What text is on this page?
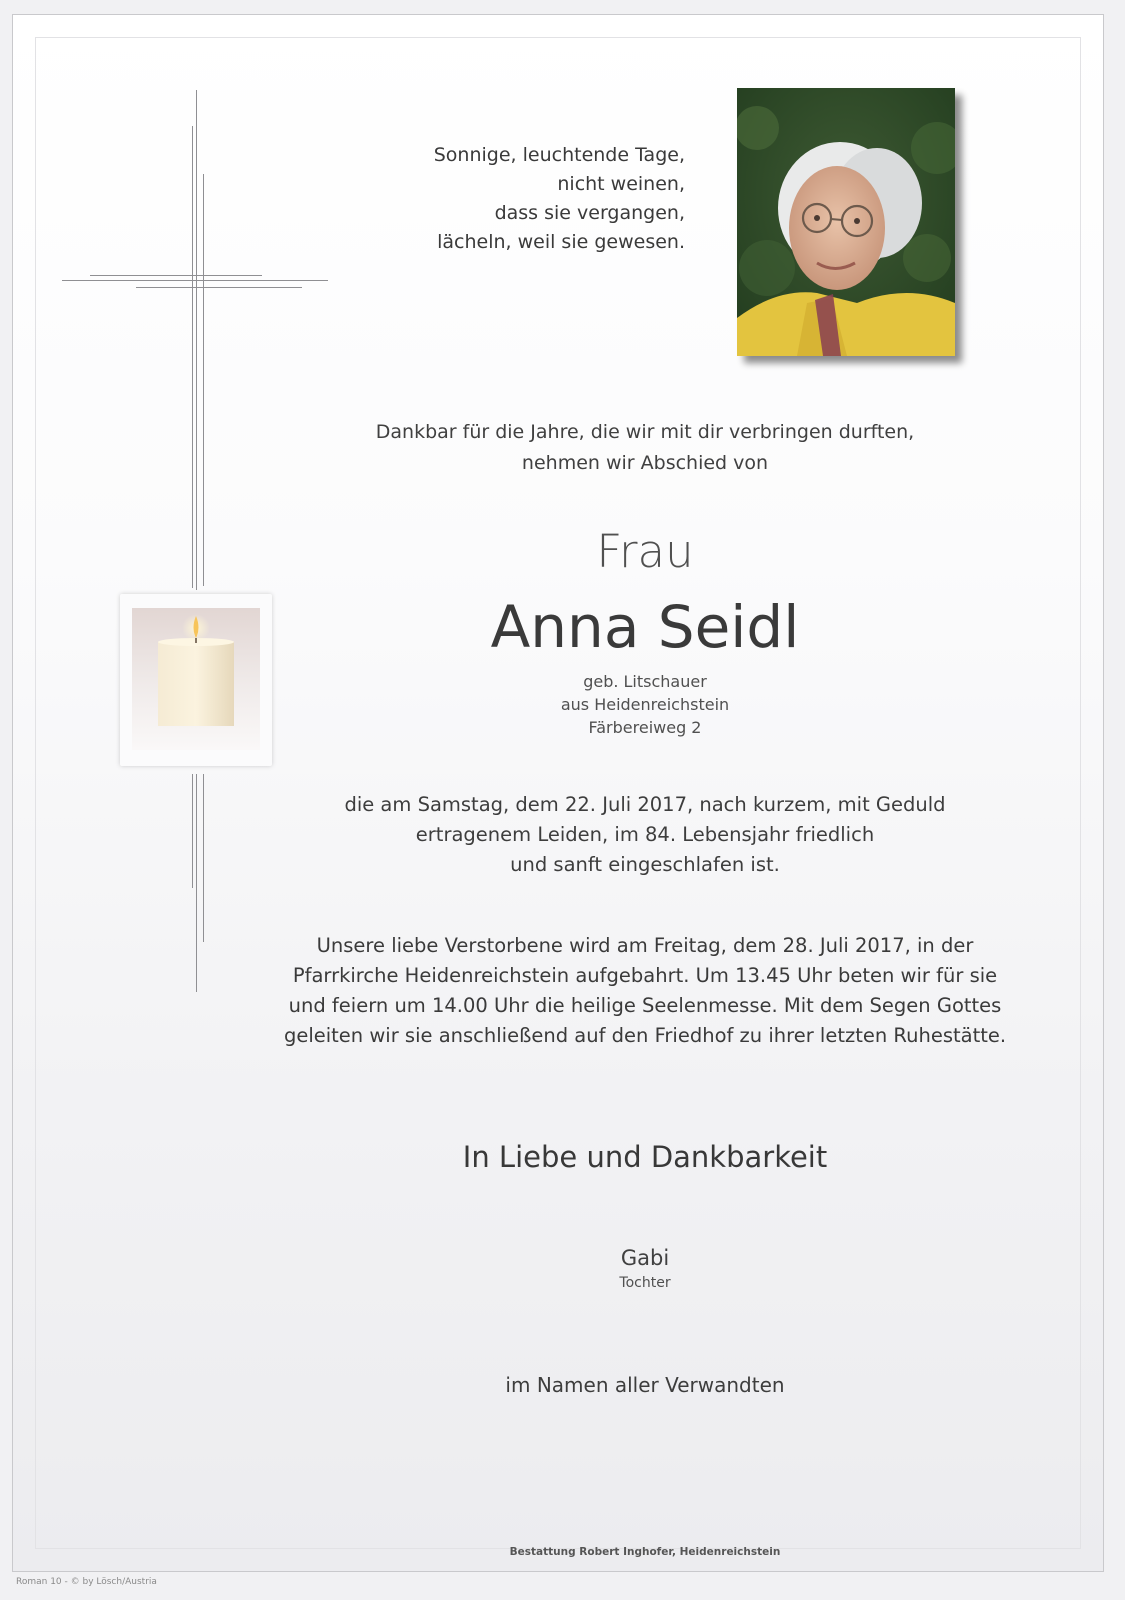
Sonnige, leuchtende Tage,
nicht weinen,
dass sie vergangen,
lächeln, weil sie gewesen.
Dankbar für die Jahre, die wir mit dir verbringen durften,
nehmen wir Abschied von
Frau
Anna Seidl
geb. Litschauer
aus Heidenreichstein
Färbereiweg 2
die am Samstag, dem 22. Juli 2017, nach kurzem, mit Geduld
ertragenem Leiden, im 84. Lebensjahr friedlich
und sanft eingeschlafen ist.
Unsere liebe Verstorbene wird am Freitag, dem 28. Juli 2017, in der
Pfarrkirche Heidenreichstein aufgebahrt. Um 13.45 Uhr beten wir für sie
und feiern um 14.00 Uhr die heilige Seelenmesse. Mit dem Segen Gottes
geleiten wir sie anschließend auf den Friedhof zu ihrer letzten Ruhestätte.
In Liebe und Dankbarkeit
Gabi
Tochter
im Namen aller Verwandten
Bestattung Robert Inghofer, Heidenreichstein
Roman 10 - © by Lösch/Austria
